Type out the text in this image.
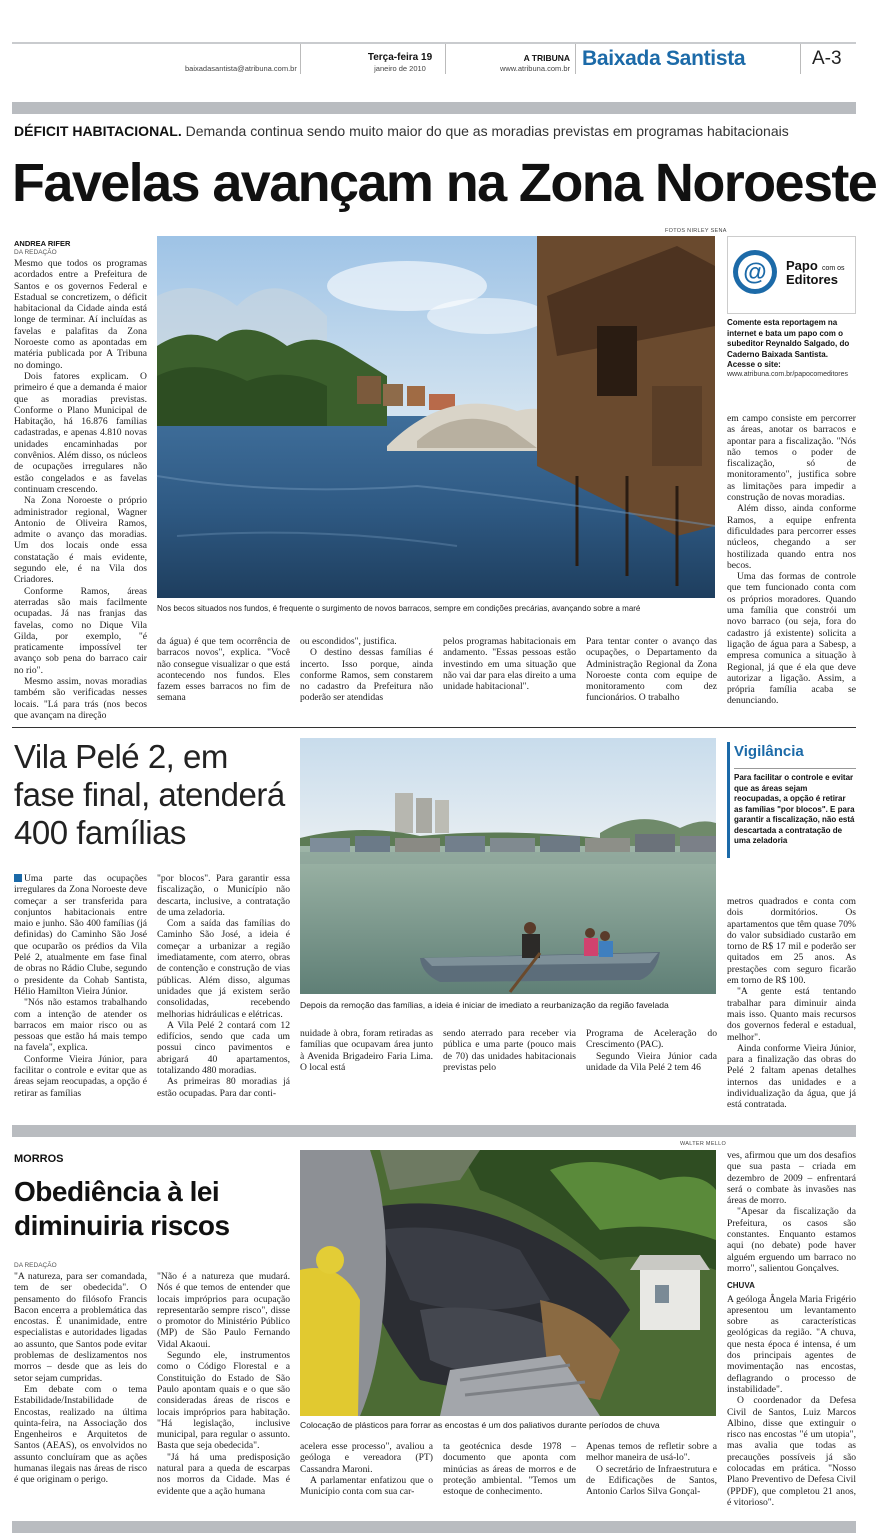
baixadasantista@atribuna.com.br
Terça-feira 19
janeiro de 2010
A TRIBUNA
www.atribuna.com.br Baixada Santista	A-3
DÉFICIT HABITACIONAL. Demanda continua sendo muito maior do que as moradias previstas em programas habitacionais
Favelas avançam na Zona Noroeste
ANDREA RIFER
DA REDAÇÃO

Mesmo que todos os programas acordados entre a Prefeitura de Santos e os governos Federal e Estadual se concretizem, o déficit habitacional da Cidade ainda está longe de terminar. Aí incluídas as favelas e palafitas da Zona Noroeste como as apontadas em matéria publicada por A Tribuna no domingo.

Dois fatores explicam. O primeiro é que a demanda é maior que as moradias previstas. Conforme o Plano Municipal de Habitação, há 16.876 famílias cadastradas, e apenas 4.810 novas unidades encaminhadas por convênios. Além disso, os núcleos de ocupações irregulares não estão congelados e as favelas continuam crescendo.

Na Zona Noroeste o próprio administrador regional, Wagner Antonio de Oliveira Ramos, admite o avanço das moradias. Um dos locais onde essa constatação é mais evidente, segundo ele, é na Vila dos Criadores.

Conforme Ramos, áreas aterradas são mais facilmente ocupadas. Já nas franjas das favelas, como no Dique Vila Gilda, por exemplo, "é praticamente impossível ter avanço sob pena do barraco cair no rio".

Mesmo assim, novas moradias também são verificadas nesses locais. "Lá para trás (nos becos que avançam na direção

FOTOS NIRLEY SENA
Nos becos situados nos fundos, é frequente o surgimento de novos barracos, sempre em condições precárias, avançando sobre a maré
@ Papo com os
Editores
Comente esta reportagem na internet e bata um papo com o subeditor Reynaldo Salgado, do Caderno Baixada Santista.
Acesse o site:
www.atribuna.com.br/papocomeditores

em campo consiste em percorrer as áreas, anotar os barracos e apontar para a fiscalização. "Nós não temos o poder de fiscalização, só de monitoramento", justifica sobre as limitações para impedir a construção de novas moradias.

Além disso, ainda conforme Ramos, a equipe enfrenta dificuldades para percorrer esses núcleos, chegando a ser hostilizada quando entra nos becos.

Uma das formas de controle que tem funcionado conta com os próprios moradores. Quando uma família que constrói um novo barraco (ou seja, fora do cadastro já existente) solicita a ligação de água para a Sabesp, a empresa comunica a situação à Regional, já que é ela que deve autorizar a ligação. Assim, a própria família acaba se denunciando.

da água) é que tem ocorrência de barracos novos", explica. "Você não consegue visualizar o que está acontecendo nos fundos. Eles fazem esses barracos no fim de semana

ou escondidos", justifica.

O destino dessas famílias é incerto. Isso porque, ainda conforme Ramos, sem constarem no cadastro da Prefeitura não poderão ser atendidas

pelos programas habitacionais em andamento. "Essas pessoas estão investindo em uma situação que não vai dar para elas direito a uma unidade habitacional".

Para tentar conter o avanço das ocupações, o Departamento da Administração Regional da Zona Noroeste conta com equipe de monitoramento com dez funcionários. O trabalho

Vila Pelé 2, em
fase final, atenderá
400 famílias

Uma parte das ocupações irregulares da Zona Noroeste deve começar a ser transferida para conjuntos habitacionais entre maio e junho. São 400 famílias (já definidas) do Caminho São José que ocuparão os prédios da Vila Pelé 2, atualmente em fase final de obras no Rádio Clube, segundo o presidente da Cohab Santista, Hélio Hamilton Vieira Júnior.

"Nós não estamos trabalhando com a intenção de atender os barracos em maior risco ou as pessoas que estão há mais tempo na favela", explica.

Conforme Vieira Júnior, para facilitar o controle e evitar que as áreas sejam reocupadas, a opção é retirar as famílias

"por blocos". Para garantir essa fiscalização, o Município não descarta, inclusive, a contratação de uma zeladoria.

Com a saída das famílias do Caminho São José, a ideia é começar a urbanizar a região imediatamente, com aterro, obras de contenção e construção de vias públicas. Além disso, algumas unidades que já existem serão consolidadas, recebendo melhorias hidráulicas e elétricas.

A Vila Pelé 2 contará com 12 edifícios, sendo que cada um possui cinco pavimentos e abrigará 40 apartamentos, totalizando 480 moradias.

As primeiras 80 moradias já estão ocupadas. Para dar conti-

Depois da remoção das famílias, a ideia é iniciar de imediato a reurbanização da região favelada

nuidade à obra, foram retiradas as famílias que ocupavam área junto à Avenida Brigadeiro Faria Lima. O local está

sendo aterrado para receber via pública e uma parte (pouco mais de 70) das unidades habitacionais previstas pelo

Programa de Aceleração do Crescimento (PAC).

Segundo Vieira Júnior cada unidade da Vila Pelé 2 tem 46

Vigilância
Para facilitar o controle e evitar que as áreas sejam reocupadas, a opção é retirar as famílias "por blocos". E para garantir a fiscalização, não está descartada a contratação de uma zeladoria

metros quadrados e conta com dois dormitórios. Os apartamentos que têm quase 70% do valor subsidiado custarão em torno de R$ 17 mil e poderão ser quitados em 25 anos. As prestações com seguro ficarão em torno de R$ 100.

"A gente está tentando trabalhar para diminuir ainda mais isso. Quanto mais recursos dos governos federal e estadual, melhor".

Ainda conforme Vieira Júnior, para a finalização das obras do Pelé 2 faltam apenas detalhes internos das unidades e a individualização da água, que já está contratada.

MORROS
Obediência à lei
diminuiria riscos
DA REDAÇÃO

"A natureza, para ser comandada, tem de ser obedecida". O pensamento do filósofo Francis Bacon encerra a problemática das encostas. É unanimidade, entre especialistas e autoridades ligadas ao assunto, que Santos pode evitar problemas de deslizamentos nos morros – desde que as leis do setor sejam cumpridas.

Em debate com o tema Estabilidade/Instabilidade de Encostas, realizado na última quinta-feira, na Associação dos Engenheiros e Arquitetos de Santos (AEAS), os envolvidos no assunto concluíram que as ações humanas ilegais nas áreas de risco é que originam o perigo.

"Não é a natureza que mudará. Nós é que temos de entender que locais impróprios para ocupação representarão sempre risco", disse o promotor do Ministério Público (MP) de São Paulo Fernando Vidal Akaoui.

Segundo ele, instrumentos como o Código Florestal e a Constituição do Estado de São Paulo apontam quais e o que são consideradas áreas de riscos e locais impróprios para habitação. "Há legislação, inclusive municipal, para regular o assunto. Basta que seja obedecida".

"Já há uma predisposição natural para a queda de escarpas nos morros da Cidade. Mas é evidente que a ação humana

WALTER MELLO
Colocação de plásticos para forrar as encostas é um dos paliativos durante períodos de chuva

acelera esse processo", avaliou a geóloga e vereadora (PT) Cassandra Maroni.

A parlamentar enfatizou que o Município conta com sua car-

ta geotécnica desde 1978 – documento que aponta com minúcias as áreas de morros e de proteção ambiental. "Temos um estoque de conhecimento.

Apenas temos de refletir sobre a melhor maneira de usá-lo".

O secretário de Infraestrutura e de Edificações de Santos, Antonio Carlos Silva Gonçal-

ves, afirmou que um dos desafios que sua pasta – criada em dezembro de 2009 – enfrentará será o combate às invasões nas áreas de morro.

"Apesar da fiscalização da Prefeitura, os casos são constantes. Enquanto estamos aqui (no debate) pode haver alguém erguendo um barraco no morro", salientou Gonçalves.

CHUVA

A geóloga Ângela Maria Frigério apresentou um levantamento sobre as características geológicas da região. "A chuva, que nesta época é intensa, é um dos principais agentes de movimentação nas encostas, deflagrando o processo de instabilidade".

O coordenador da Defesa Civil de Santos, Luiz Marcos Albino, disse que extinguir o risco nas encostas "é um utopia", mas avalia que todas as precauções possíveis já são colocadas em prática. "Nosso Plano Preventivo de Defesa Civil (PPDF), que completou 21 anos, é vitorioso".
